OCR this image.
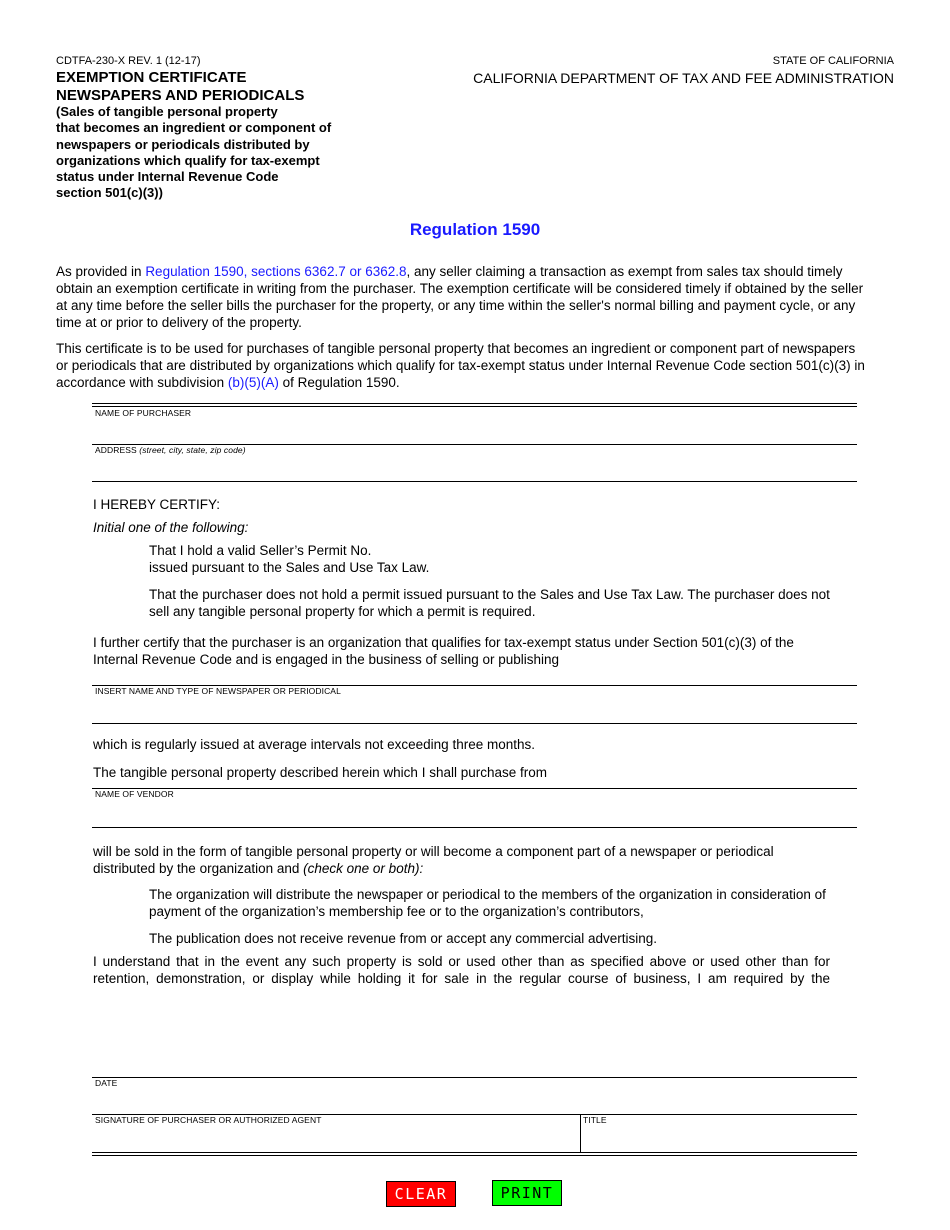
CDTFA-230-X REV. 1 (12-17)
EXEMPTION CERTIFICATE
NEWSPAPERS AND PERIODICALS
(Sales of tangible personal property
that becomes an ingredient or component of
newspapers or periodicals distributed by
organizations which qualify for tax-exempt
status under Internal Revenue Code
section 501(c)(3))
STATE OF CALIFORNIA
CALIFORNIA DEPARTMENT OF TAX AND FEE ADMINISTRATION
Regulation 1590
As provided in Regulation 1590, sections 6362.7 or 6362.8, any seller claiming a transaction as exempt from sales tax should timely
obtain an exemption certificate in writing from the purchaser. The exemption certificate will be considered timely if obtained by the seller
at any time before the seller bills the purchaser for the property, or any time within the seller's normal billing and payment cycle, or any
time at or prior to delivery of the property.
This certificate is to be used for purchases of tangible personal property that becomes an ingredient or component part of newspapers
or periodicals that are distributed by organizations which qualify for tax-exempt status under Internal Revenue Code section 501(c)(3) in
accordance with subdivision (b)(5)(A) of Regulation 1590.
NAME OF PURCHASER
ADDRESS (street, city, state, zip code)
I HEREBY CERTIFY:
Initial one of the following:
That I hold a valid Seller’s Permit No.
issued pursuant to the Sales and Use Tax Law.
That the purchaser does not hold a permit issued pursuant to the Sales and Use Tax Law. The purchaser does not
sell any tangible personal property for which a permit is required.
I further certify that the purchaser is an organization that qualifies for tax-exempt status under Section 501(c)(3) of the
Internal Revenue Code and is engaged in the business of selling or publishing
INSERT NAME AND TYPE OF NEWSPAPER OR PERIODICAL
which is regularly issued at average intervals not exceeding three months.
The tangible personal property described herein which I shall purchase from
NAME OF VENDOR
will be sold in the form of tangible personal property or will become a component part of a newspaper or periodical
distributed by the organization and (check one or both):
The organization will distribute the newspaper or periodical to the members of the organization in consideration of
payment of the organization’s membership fee or to the organization’s contributors,
The publication does not receive revenue from or accept any commercial advertising.
I understand that in the event any such property is sold or used other than as specified above or used other than for
retention, demonstration, or display while holding it for sale in the regular course of business, I am required by the
DATE
SIGNATURE OF PURCHASER OR AUTHORIZED AGENT	TITLE
CLEAR	PRINT
